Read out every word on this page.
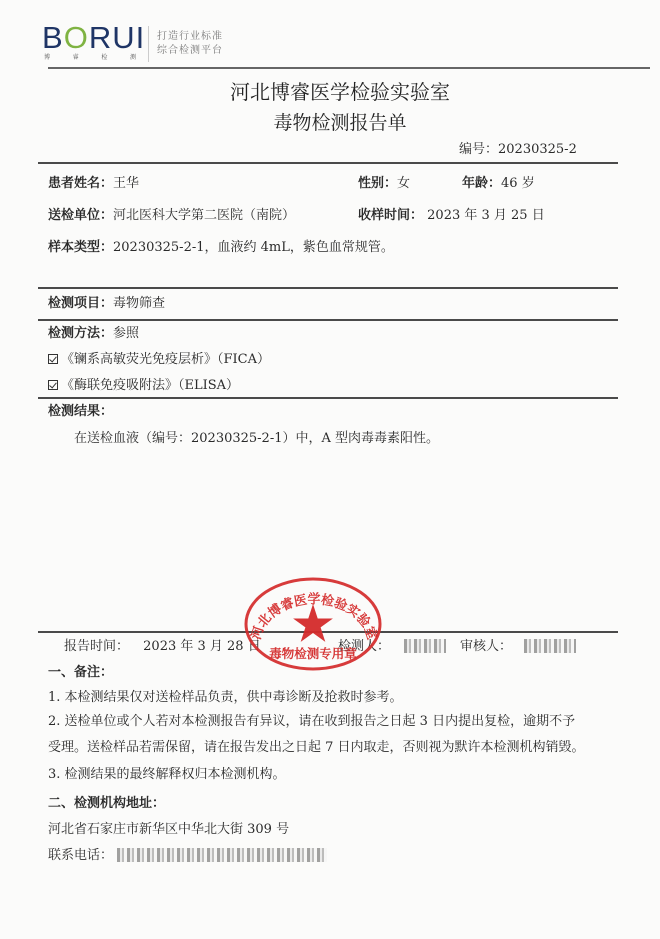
BORUI
博	睿	检	测
打造行业标准
综合检测平台
河北博睿医学检验实验室
毒物检测报告单
编号：20230325-2
患者姓名：王华	性别：女	年龄：46 岁
送检单位：河北医科大学第二医院（南院）	收样时间： 2023 年 3 月 25 日
样本类型：20230325-2-1，血液约 4mL，紫色血常规管。
检测项目：毒物筛查
检测方法：参照
《镧系高敏荧光免疫层析》（FICA）
《酶联免疫吸附法》（ELISA）
检测结果：
在送检血液（编号：20230325-2-1）中，A 型肉毒毒素阳性。
报告时间： 2023 年 3 月 28 日	检测人：	审核人：
河北博睿医学检验实验室
毒物检测专用章
一、备注：
1. 本检测结果仅对送检样品负责，供中毒诊断及抢救时参考。
2. 送检单位或个人若对本检测报告有异议，请在收到报告之日起 3 日内提出复检，逾期不予
受理。送检样品若需保留，请在报告发出之日起 7 日内取走，否则视为默许本检测机构销毁。
3. 检测结果的最终解释权归本检测机构。
二、检测机构地址：
河北省石家庄市新华区中华北大街 309 号
联系电话：
